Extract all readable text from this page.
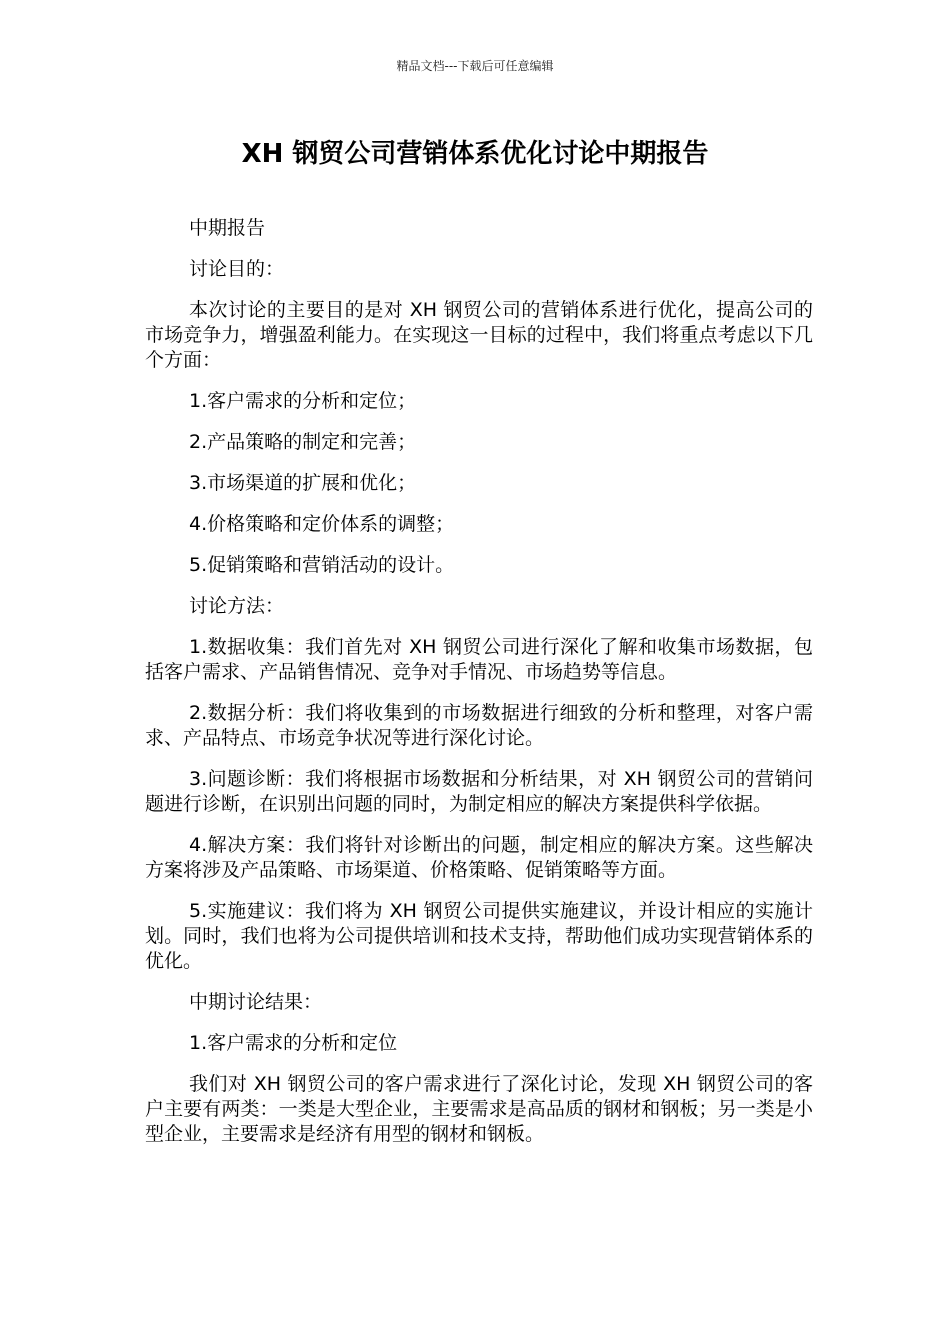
精品文档---下载后可任意编辑
XH 钢贸公司营销体系优化讨论中期报告

中期报告

讨论目的：

本次讨论的主要目的是对 XH 钢贸公司的营销体系进行优化，提高公司的市场竞争力，增强盈利能力。在实现这一目标的过程中，我们将重点考虑以下几个方面：

1.客户需求的分析和定位；

2.产品策略的制定和完善；

3.市场渠道的扩展和优化；

4.价格策略和定价体系的调整；

5.促销策略和营销活动的设计。

讨论方法：

1.数据收集：我们首先对 XH 钢贸公司进行深化了解和收集市场数据，包括客户需求、产品销售情况、竞争对手情况、市场趋势等信息。

2.数据分析：我们将收集到的市场数据进行细致的分析和整理，对客户需求、产品特点、市场竞争状况等进行深化讨论。

3.问题诊断：我们将根据市场数据和分析结果，对 XH 钢贸公司的营销问题进行诊断，在识别出问题的同时，为制定相应的解决方案提供科学依据。

4.解决方案：我们将针对诊断出的问题，制定相应的解决方案。这些解决方案将涉及产品策略、市场渠道、价格策略、促销策略等方面。

5.实施建议：我们将为 XH 钢贸公司提供实施建议，并设计相应的实施计划。同时，我们也将为公司提供培训和技术支持，帮助他们成功实现营销体系的优化。

中期讨论结果：

1.客户需求的分析和定位

我们对 XH 钢贸公司的客户需求进行了深化讨论，发现 XH 钢贸公司的客户主要有两类：一类是大型企业，主要需求是高品质的钢材和钢板；另一类是小型企业，主要需求是经济有用型的钢材和钢板。
